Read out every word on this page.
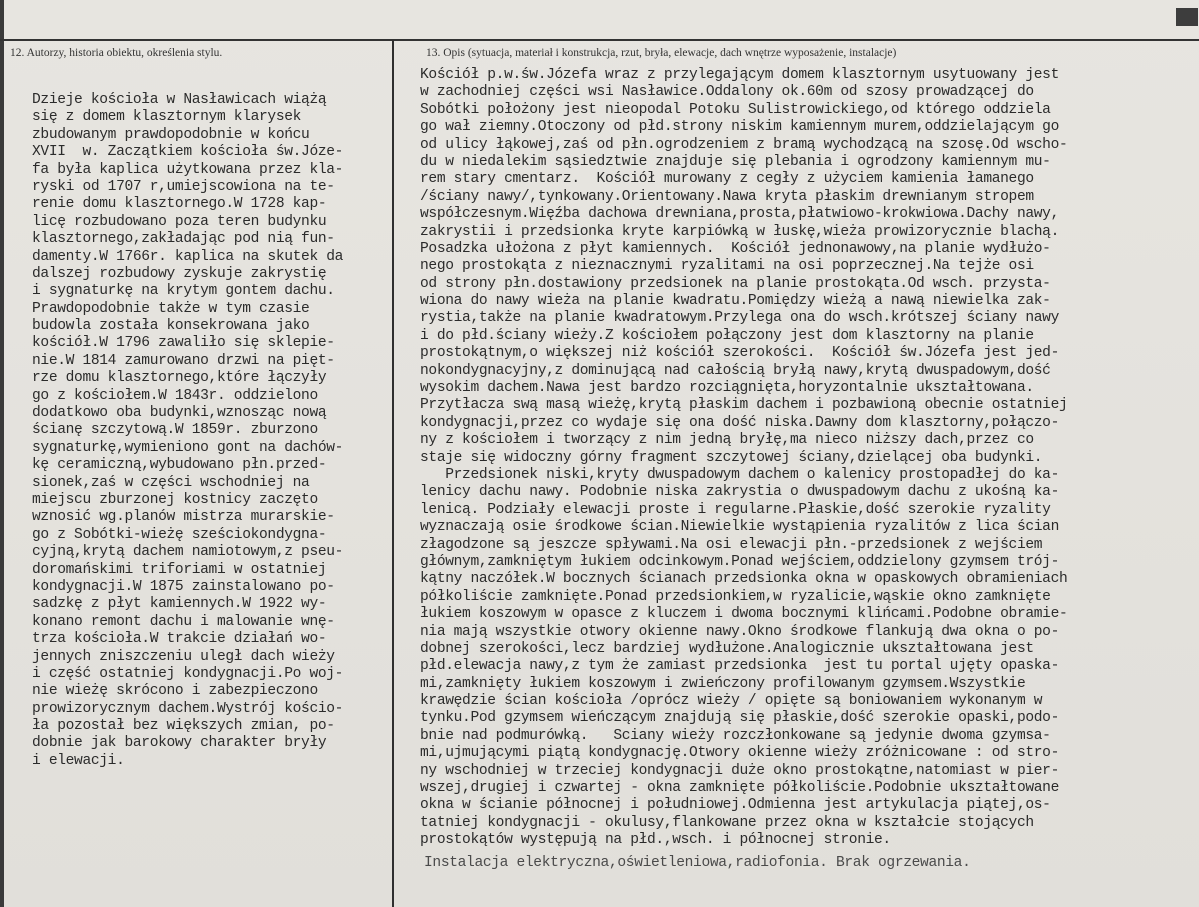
12. Autorzy, historia obiektu, określenia stylu.	13. Opis (sytuacja, materiał i konstrukcja, rzut, bryła, elewacje, dach wnętrze wyposażenie, instalacje)
Dzieje kościoła w Nasławicach wiążą
się z domem klasztornym klarysek
zbudowanym prawdopodobnie w końcu
XVII  w. Zaczątkiem kościoła św.Józe-
fa była kaplica użytkowana przez kla-
ryski od 1707 r,umiejscowiona na te-
renie domu klasztornego.W 1728 kap-
licę rozbudowano poza teren budynku
klasztornego,zakładając pod nią fun-
damenty.W 1766r. kaplica na skutek da
dalszej rozbudowy zyskuje zakrystię
i sygnaturkę na krytym gontem dachu.
Prawdopodobnie także w tym czasie
budowla została konsekrowana jako
kościół.W 1796 zawaliło się sklepie-
nie.W 1814 zamurowano drzwi na pięt-
rze domu klasztornego,które łączyły
go z kościołem.W 1843r. oddzielono
dodatkowo oba budynki,wznosząc nową
ścianę szczytową.W 1859r. zburzono
sygnaturkę,wymieniono gont na dachów-
kę ceramiczną,wybudowano płn.przed-
sionek,zaś w części wschodniej na
miejscu zburzonej kostnicy zaczęto
wznosić wg.planów mistrza murarskie-
go z Sobótki-wieżę sześciokondygna-
cyjną,krytą dachem namiotowym,z pseu-
doromańskimi triforiami w ostatniej
kondygnacji.W 1875 zainstalowano po-
sadzkę z płyt kamiennych.W 1922 wy-
konano remont dachu i malowanie wnę-
trza kościoła.W trakcie działań wo-
jennych zniszczeniu uległ dach wieży
i część ostatniej kondygnacji.Po woj-
nie wieżę skrócono i zabezpieczono
prowizorycznym dachem.Wystrój kościo-
ła pozostał bez większych zmian, po-
dobnie jak barokowy charakter bryły
i elewacji.
Kościół p.w.św.Józefa wraz z przylegającym domem klasztornym usytuowany jest
w zachodniej części wsi Nasławice.Oddalony ok.60m od szosy prowadzącej do
Sobótki położony jest nieopodal Potoku Sulistrowickiego,od którego oddziela
go wał ziemny.Otoczony od płd.strony niskim kamiennym murem,oddzielającym go
od ulicy łąkowej,zaś od płn.ogrodzeniem z bramą wychodzącą na szosę.Od wscho-
du w niedalekim sąsiedztwie znajduje się plebania i ogrodzony kamiennym mu-
rem stary cmentarz.  Kościół murowany z cegły z użyciem kamienia łamanego
/ściany nawy/,tynkowany.Orientowany.Nawa kryta płaskim drewnianym stropem
współczesnym.Więźba dachowa drewniana,prosta,płatwiowo-krokwiowa.Dachy nawy,
zakrystii i przedsionka kryte karpiówką w łuskę,wieża prowizorycznie blachą.
Posadzka ułożona z płyt kamiennych.  Kościół jednonawowy,na planie wydłużo-
nego prostokąta z nieznacznymi ryzalitami na osi poprzecznej.Na tejże osi
od strony płn.dostawiony przedsionek na planie prostokąta.Od wsch. przysta-
wiona do nawy wieża na planie kwadratu.Pomiędzy wieżą a nawą niewielka zak-
rystia,także na planie kwadratowym.Przylega ona do wsch.krótszej ściany nawy
i do płd.ściany wieży.Z kościołem połączony jest dom klasztorny na planie
prostokątnym,o większej niż kościół szerokości.  Kościół św.Józefa jest jed-
nokondygnacyjny,z dominującą nad całością bryłą nawy,krytą dwuspadowym,dość
wysokim dachem.Nawa jest bardzo rozciągnięta,horyzontalnie ukształtowana.
Przytłacza swą masą wieżę,krytą płaskim dachem i pozbawioną obecnie ostatniej
kondygnacji,przez co wydaje się ona dość niska.Dawny dom klasztorny,połączo-
ny z kościołem i tworzący z nim jedną bryłę,ma nieco niższy dach,przez co
staje się widoczny górny fragment szczytowej ściany,dzielącej oba budynki.
Przedsionek niski,kryty dwuspadowym dachem o kalenicy prostopadłej do ka-
lenicy dachu nawy. Podobnie niska zakrystia o dwuspadowym dachu z ukośną ka-
lenicą. Podziały elewacji proste i regularne.Płaskie,dość szerokie ryzality
wyznaczają osie środkowe ścian.Niewielkie wystąpienia ryzalitów z lica ścian
złagodzone są jeszcze spływami.Na osi elewacji płn.-przedsionek z wejściem
głównym,zamkniętym łukiem odcinkowym.Ponad wejściem,oddzielony gzymsem trój-
kątny naczółek.W bocznych ścianach przedsionka okna w opaskowych obramieniach
półkoliście zamknięte.Ponad przedsionkiem,w ryzalicie,wąskie okno zamknięte
łukiem koszowym w opasce z kluczem i dwoma bocznymi klińcami.Podobne obramie-
nia mają wszystkie otwory okienne nawy.Okno środkowe flankują dwa okna o po-
dobnej szerokości,lecz bardziej wydłużone.Analogicznie ukształtowana jest
płd.elewacja nawy,z tym że zamiast przedsionka  jest tu portal ujęty opaska-
mi,zamknięty łukiem koszowym i zwieńczony profilowanym gzymsem.Wszystkie
krawędzie ścian kościoła /oprócz wieży / opięte są boniowaniem wykonanym w
tynku.Pod gzymsem wieńczącym znajdują się płaskie,dość szerokie opaski,podo-
bnie nad podmurówką.   Sciany wieży rozczłonkowane są jedynie dwoma gzymsa-
mi,ujmującymi piątą kondygnację.Otwory okienne wieży zróżnicowane : od stro-
ny wschodniej w trzeciej kondygnacji duże okno prostokątne,natomiast w pier-
wszej,drugiej i czwartej - okna zamknięte półkoliście.Podobnie ukształtowane
okna w ścianie północnej i południowej.Odmienna jest artykulacja piątej,os-
tatniej kondygnacji - okulusy,flankowane przez okna w kształcie stojących
prostokątów występują na płd.,wsch. i północnej stronie.
Instalacja elektryczna,oświetleniowa,radiofonia. Brak ogrzewania.
